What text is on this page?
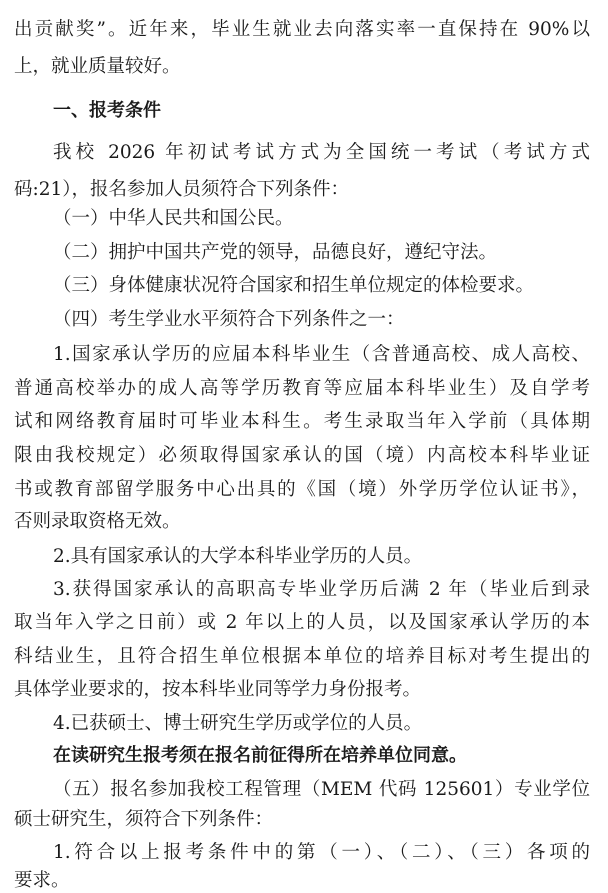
出贡献奖”。近年来，毕业生就业去向落实率一直保持在 90%以
上，就业质量较好。
一、报考条件
我校 2026 年初试考试方式为全国统一考试（考试方式
码:21），报名参加人员须符合下列条件：
（一）中华人民共和国公民。
（二）拥护中国共产党的领导，品德良好，遵纪守法。
（三）身体健康状况符合国家和招生单位规定的体检要求。
（四）考生学业水平须符合下列条件之一：
1.国家承认学历的应届本科毕业生（含普通高校、成人高校、
普通高校举办的成人高等学历教育等应届本科毕业生）及自学考
试和网络教育届时可毕业本科生。考生录取当年入学前（具体期
限由我校规定）必须取得国家承认的国（境）内高校本科毕业证
书或教育部留学服务中心出具的《国（境）外学历学位认证书》，
否则录取资格无效。
2.具有国家承认的大学本科毕业学历的人员。
3.获得国家承认的高职高专毕业学历后满 2 年（毕业后到录
取当年入学之日前）或 2 年以上的人员，以及国家承认学历的本
科结业生，且符合招生单位根据本单位的培养目标对考生提出的
具体学业要求的，按本科毕业同等学力身份报考。
4.已获硕士、博士研究生学历或学位的人员。
在读研究生报考须在报名前征得所在培养单位同意。
（五）报名参加我校工程管理（MEM 代码 125601）专业学位
硕士研究生，须符合下列条件：
1.符合以上报考条件中的第（一）、（二）、（三）各项的
要求。
